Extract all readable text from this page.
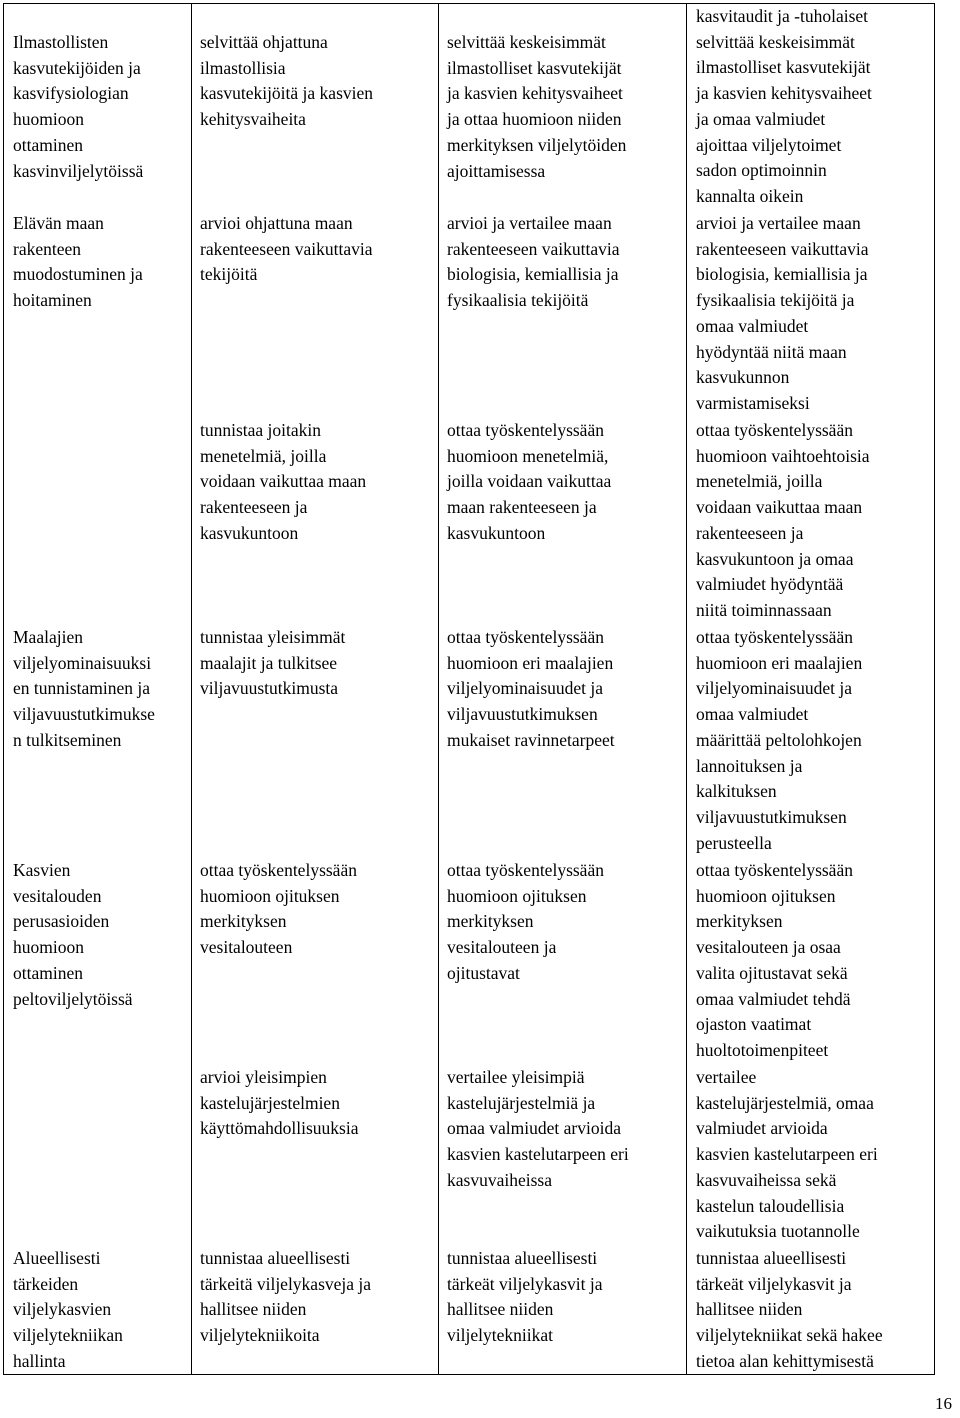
Ilmastollisten
kasvutekijöiden ja
kasvifysiologian
huomioon
ottaminen
kasvinviljelytöissä
selvittää ohjattuna
ilmastollisia
kasvutekijöitä ja kasvien
kehitysvaiheita
selvittää keskeisimmät
ilmastolliset kasvutekijät
ja kasvien kehitysvaiheet
ja ottaa huomioon niiden
merkityksen viljelytöiden
ajoittamisessa
kasvitaudit ja -tuholaiset
selvittää keskeisimmät
ilmastolliset kasvutekijät
ja kasvien kehitysvaiheet
ja omaa valmiudet
ajoittaa viljelytoimet
sadon optimoinnin
kannalta oikein
Elävän maan
rakenteen
muodostuminen ja
hoitaminen
arvioi ohjattuna maan
rakenteeseen vaikuttavia
tekijöitä
arvioi ja vertailee maan
rakenteeseen vaikuttavia
biologisia, kemiallisia ja
fysikaalisia tekijöitä
arvioi ja vertailee maan
rakenteeseen vaikuttavia
biologisia, kemiallisia ja
fysikaalisia tekijöitä ja
omaa valmiudet
hyödyntää niitä maan
kasvukunnon
varmistamiseksi
tunnistaa joitakin
menetelmiä, joilla
voidaan vaikuttaa maan
rakenteeseen ja
kasvukuntoon
ottaa työskentelyssään
huomioon menetelmiä,
joilla voidaan vaikuttaa
maan rakenteeseen ja
kasvukuntoon
ottaa työskentelyssään
huomioon vaihtoehtoisia
menetelmiä, joilla
voidaan vaikuttaa maan
rakenteeseen ja
kasvukuntoon ja omaa
valmiudet hyödyntää
niitä toiminnassaan
Maalajien
viljelyominaisuuksi
en tunnistaminen ja
viljavuustutkimukse
n tulkitseminen
tunnistaa yleisimmät
maalajit ja tulkitsee
viljavuustutkimusta
ottaa työskentelyssään
huomioon eri maalajien
viljelyominaisuudet ja
viljavuustutkimuksen
mukaiset ravinnetarpeet
ottaa työskentelyssään
huomioon eri maalajien
viljelyominaisuudet ja
omaa valmiudet
määrittää peltolohkojen
lannoituksen ja
kalkituksen
viljavuustutkimuksen
perusteella
Kasvien
vesitalouden
perusasioiden
huomioon
ottaminen
peltoviljelytöissä
ottaa työskentelyssään
huomioon ojituksen
merkityksen
vesitalouteen
ottaa työskentelyssään
huomioon ojituksen
merkityksen
vesitalouteen ja
ojitustavat
ottaa työskentelyssään
huomioon ojituksen
merkityksen
vesitalouteen ja osaa
valita ojitustavat sekä
omaa valmiudet tehdä
ojaston vaatimat
huoltotoimenpiteet
arvioi yleisimpien
kastelujärjestelmien
käyttömahdollisuuksia
vertailee yleisimpiä
kastelujärjestelmiä ja
omaa valmiudet arvioida
kasvien kastelutarpeen eri
kasvuvaiheissa
vertailee
kastelujärjestelmiä, omaa
valmiudet arvioida
kasvien kastelutarpeen eri
kasvuvaiheissa sekä
kastelun taloudellisia
vaikutuksia tuotannolle
Alueellisesti
tärkeiden
viljelykasvien
viljelytekniikan
hallinta
tunnistaa alueellisesti
tärkeitä viljelykasveja ja
hallitsee niiden
viljelytekniikoita
tunnistaa alueellisesti
tärkeät viljelykasvit ja
hallitsee niiden
viljelytekniikat
tunnistaa alueellisesti
tärkeät viljelykasvit ja
hallitsee niiden
viljelytekniikat sekä hakee
tietoa alan kehittymisestä
16
